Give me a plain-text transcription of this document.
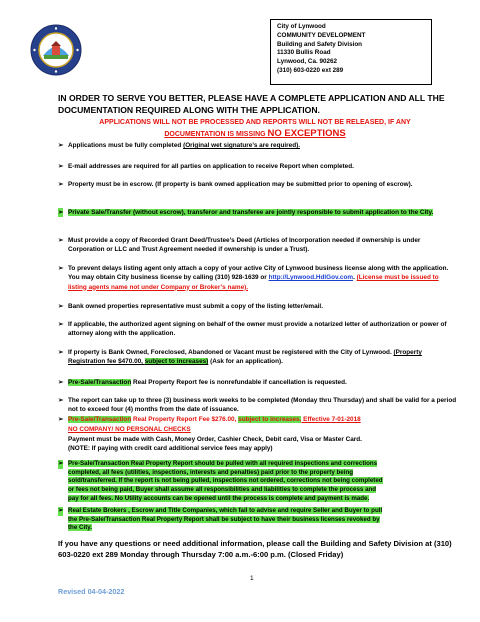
City of Lynwood
COMMUNITY DEVELOPMENT
Building and Safety Division
11330 Bullis Road
Lynwood, Ca. 90262
(310) 603-0220 ext 289
IN ORDER TO SERVE YOU BETTER, PLEASE HAVE A COMPLETE APPLICATION AND ALL THE DOCUMENTATION REQUIRED ALONG WITH THE APPLICATION.
APPLICATIONS WILL NOT BE PROCESSED AND REPORTS WILL NOT BE RELEASED, IF ANY
DOCUMENTATION IS MISSING NO EXCEPTIONS
➢ Applications must be fully completed (Original wet signature’s are required).
➢ E-mail addresses are required for all parties on application to receive Report when completed.
➢ Property must be in escrow. (If property is bank owned application may be submitted prior to opening of escrow).
➢ Private Sale/Transfer (without escrow), transferor and transferee are jointly responsible to submit application to the City.
➢ Must provide a copy of Recorded Grant Deed/Trustee’s Deed (Articles of Incorporation needed if ownership is under Corporation or LLC and Trust Agreement needed if ownership is under a Trust).
➢ To prevent delays listing agent only attach a copy of your active City of Lynwood business license along with the application. You may obtain City business license by calling (310) 928-1639 or http://Lynwood.HdlGov.com. (License must be issued to listing agents name not under Company or Broker’s name).
➢ Bank owned properties representative must submit a copy of the listing letter/email.
➢ If applicable, the authorized agent signing on behalf of the owner must provide a notarized letter of authorization or power of attorney along with the application.
➢ If property is Bank Owned, Foreclosed, Abandoned or Vacant must be registered with the City of Lynwood. (Property Registration fee $470.00, subject to increases) (Ask for an application).
➢ Pre-Sale/Transaction Real Property Report fee is nonrefundable if cancellation is requested.
➢ The report can take up to three (3) business work weeks to be completed (Monday thru Thursday) and shall be valid for a period not to exceed four (4) months from the date of issuance.
➢ Pre-Sale/Transaction Real Property Report Fee $276.00, subject to increases. Effective 7-01-2018
NO COMPANY/ NO PERSONAL CHECKS
Payment must be made with Cash, Money Order, Cashier Check, Debit card, Visa or Master Card.
(NOTE: If paying with credit card additional service fees may apply)
➢ Pre-Sale/Transaction Real Property Report should be pulled with all required inspections and corrections completed, all fees (utilities, inspections, interests and penalties) paid prior to the property being sold/transferred. If the report is not being pulled, inspections not ordered, corrections not being completed or fees not being paid, Buyer shall assume all responsibilities and liabilities to complete the process and pay for all fees. No Utility accounts can be opened until the process is complete and payment is made.
➢ Real Estate Brokers , Escrow and Title Companies, which fail to advise and require Seller and Buyer to pull the Pre-Sale/Transaction Real Property Report shall be subject to have their business licenses revoked by the City.
If you have any questions or need additional information, please call the Building and Safety Division at (310) 603-0220 ext 289 Monday through Thursday 7:00 a.m.-6:00 p.m. (Closed Friday)
1
Revised 04-04-2022
